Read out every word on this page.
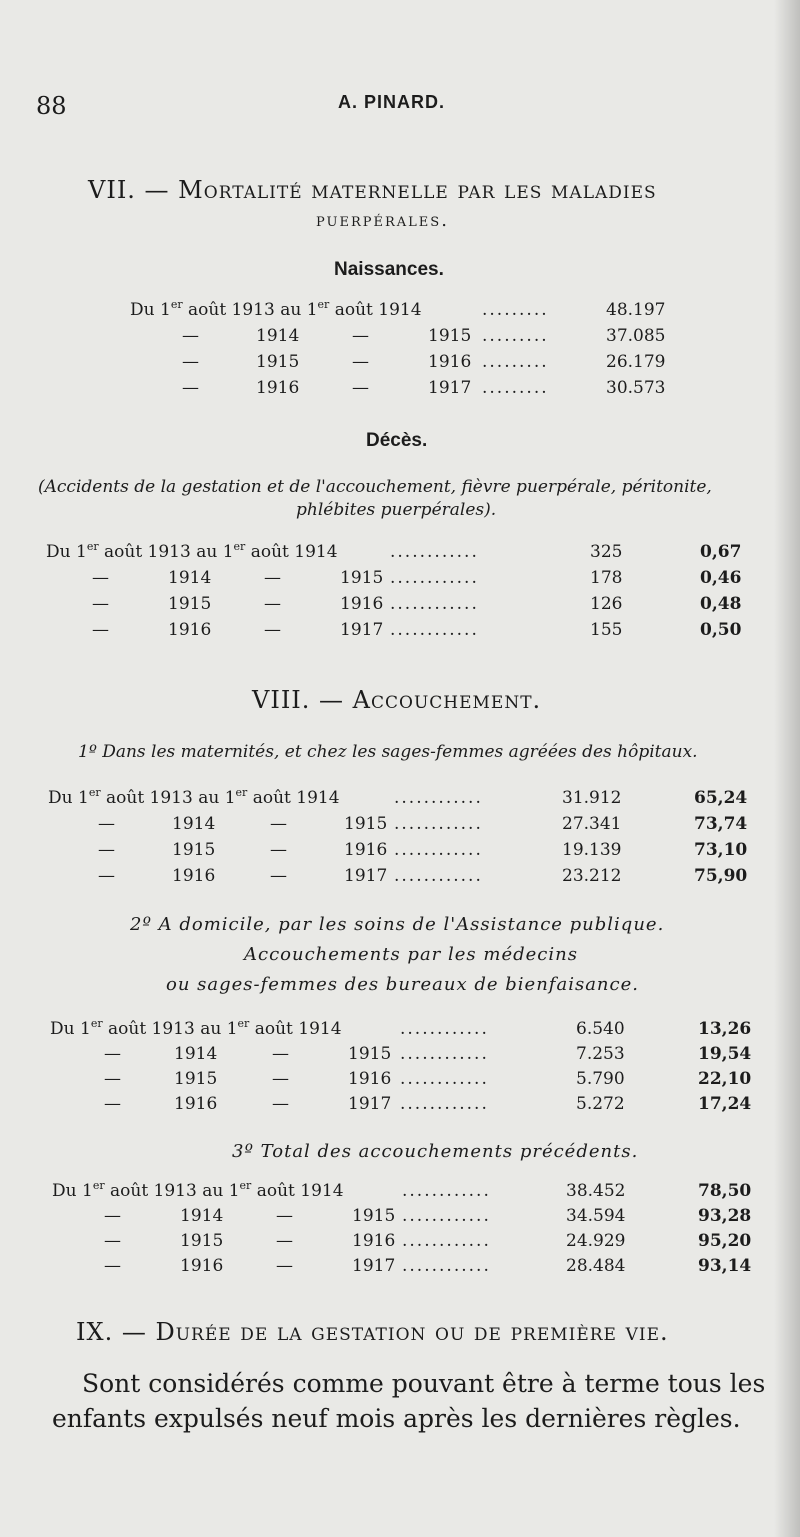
88	A. PINARD.
VII. — Mortalité maternelle par les maladies
puerpérales.
Naissances.
Du 1er août 1913 au 1er août 1914	.........	48.197
—	1914	—	1915 .........	37.085
—	1915	—	1916 .........	26.179
—	1916	—	1917 .........	30.573
Décès.
(Accidents de la gestation et de l'accouchement, fièvre puerpérale, péritonite,
phlébites puerpérales).
Du 1er août 1913 au 1er août 1914	............	325	0,67
—	1914	—	1915 ............	178	0,46
—	1915	—	1916 ............	126	0,48
—	1916	—	1917 ............	155	0,50
VIII. — Accouchement.
1º Dans les maternités, et chez les sages-femmes agréées des hôpitaux.
Du 1er août 1913 au 1er août 1914	............	31.912	65,24
—	1914	—	1915 ............	27.341	73,74
—	1915	—	1916 ............	19.139	73,10
—	1916	—	1917 ............	23.212	75,90
2º A domicile, par les soins de l'Assistance publique.
Accouchements par les médecins
ou sages-femmes des bureaux de bienfaisance.
Du 1er août 1913 au 1er août 1914	............	6.540	13,26
—	1914	—	1915 ............	7.253	19,54
—	1915	—	1916 ............	5.790	22,10
—	1916	—	1917 ............	5.272	17,24
3º Total des accouchements précédents.
Du 1er août 1913 au 1er août 1914	............	38.452	78,50
—	1914	—	1915 ............	34.594	93,28
—	1915	—	1916 ............	24.929	95,20
—	1916	—	1917 ............	28.484	93,14
IX. — Durée de la gestation ou de première vie.
Sont considérés comme pouvant être à terme tous les
enfants expulsés neuf mois après les dernières règles.
